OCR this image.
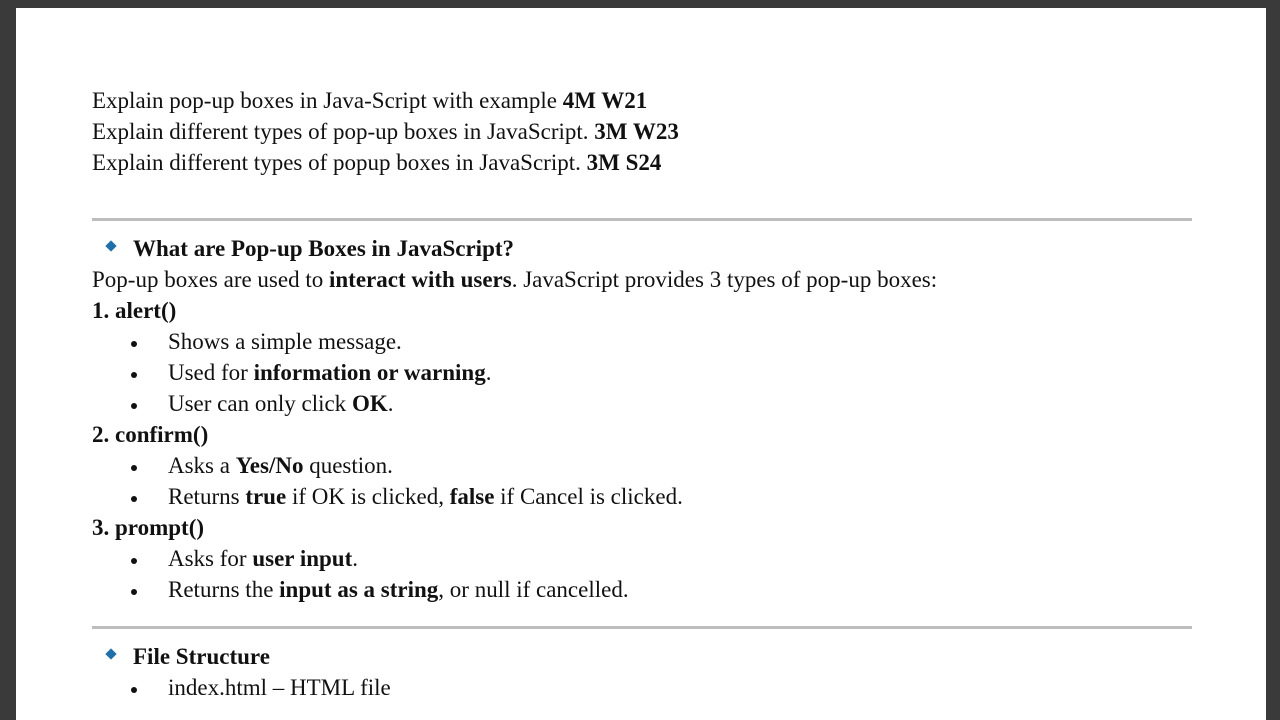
Explain pop-up boxes in Java-Script with example 4M W21
Explain different types of pop-up boxes in JavaScript. 3M W23
Explain different types of popup boxes in JavaScript. 3M S24
What are Pop-up Boxes in JavaScript?
Pop-up boxes are used to interact with users. JavaScript provides 3 types of pop-up boxes:
1. alert()
Shows a simple message.
Used for information or warning.
User can only click OK.
2. confirm()
Asks a Yes/No question.
Returns true if OK is clicked, false if Cancel is clicked.
3. prompt()
Asks for user input.
Returns the input as a string, or null if cancelled.
File Structure
index.html – HTML file
